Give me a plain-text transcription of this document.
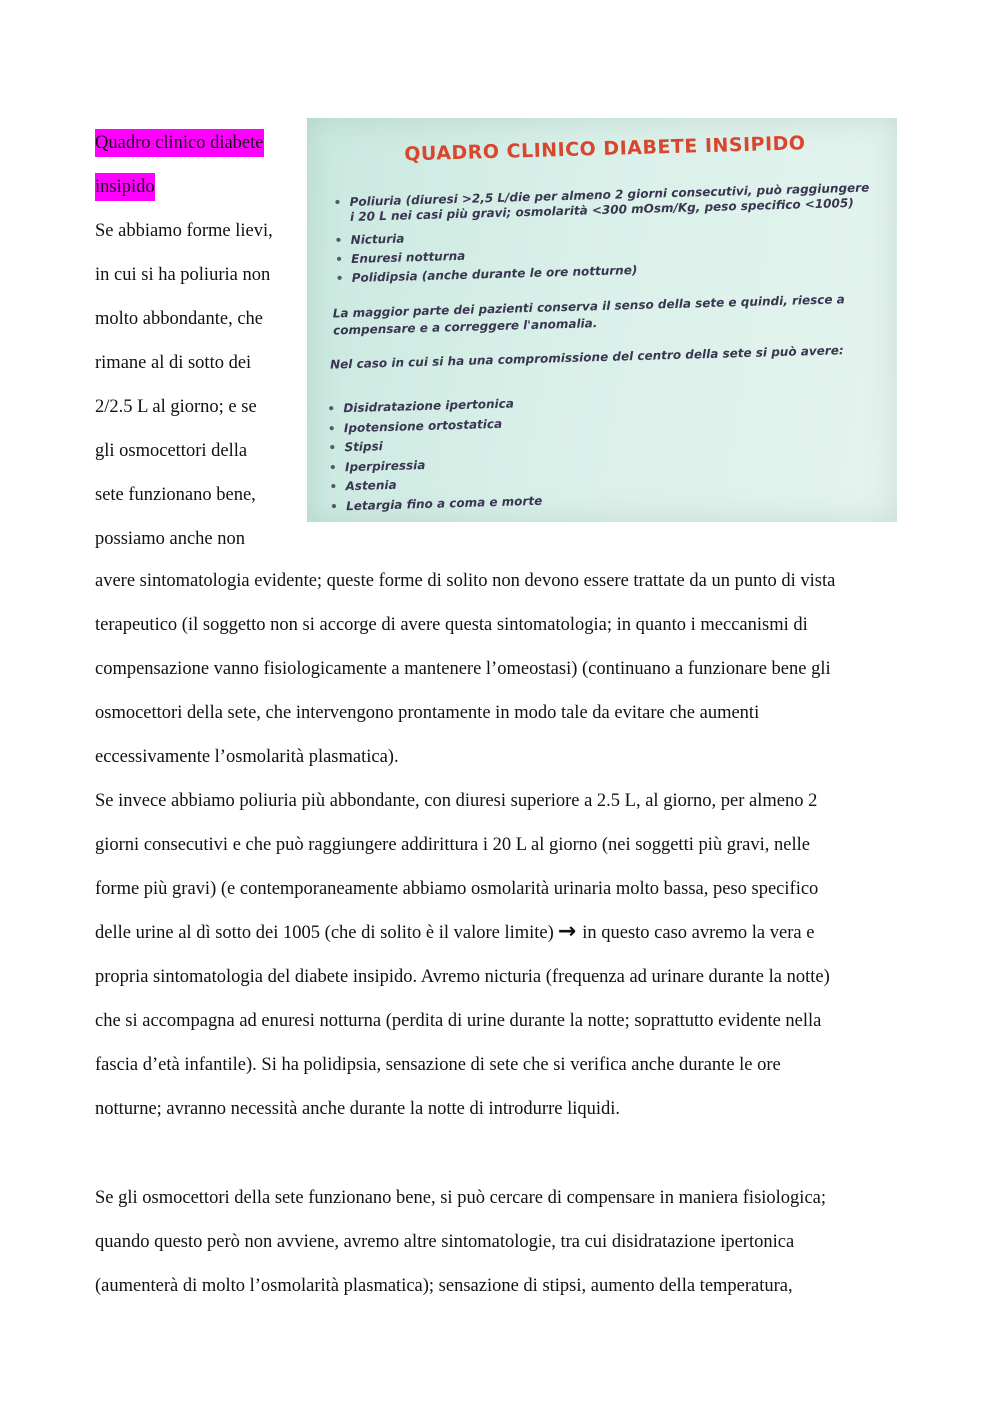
Quadro clinico diabete
insipido
Se abbiamo forme lievi,
in cui si ha poliuria non
molto abbondante, che
rimane al di sotto dei
2/2.5 L al giorno; e se
gli osmocettori della
sete funzionano bene,
possiamo anche non
QUADRO CLINICO DIABETE INSIPIDO
• Poliuria (diuresi >2,5 L/die per almeno 2 giorni consecutivi, può raggiungere i 20 L nei casi più gravi; osmolarità <300 mOsm/Kg, peso specifico <1005)
• Nicturia
• Enuresi notturna
• Polidipsia (anche durante le ore notturne)
La maggior parte dei pazienti conserva il senso della sete e quindi, riesce a compensare e a correggere l'anomalia.
Nel caso in cui si ha una compromissione del centro della sete si può avere:
• Disidratazione ipertonica
• Ipotensione ortostatica
• Stipsi
• Iperpiressia
• Astenia
• Letargia fino a coma e morte

avere sintomatologia evidente; queste forme di solito non devono essere trattate da un punto di vista

terapeutico (il soggetto non si accorge di avere questa sintomatologia; in quanto i meccanismi di

compensazione vanno fisiologicamente a mantenere l’omeostasi) (continuano a funzionare bene gli

osmocettori della sete, che intervengono prontamente in modo tale da evitare che aumenti

eccessivamente l’osmolarità plasmatica).

Se invece abbiamo poliuria più abbondante, con diuresi superiore a 2.5 L, al giorno, per almeno 2

giorni consecutivi e che può raggiungere addirittura i 20 L al giorno (nei soggetti più gravi, nelle

forme più gravi) (e contemporaneamente abbiamo osmolarità urinaria molto bassa, peso specifico

delle urine al dì sotto dei 1005 (che di solito è il valore limite) → in questo caso avremo la vera e

propria sintomatologia del diabete insipido. Avremo nicturia (frequenza ad urinare durante la notte)

che si accompagna ad enuresi notturna (perdita di urine durante la notte; soprattutto evidente nella

fascia d’età infantile). Si ha polidipsia, sensazione di sete che si verifica anche durante le ore

notturne; avranno necessità anche durante la notte di introdurre liquidi.

Se gli osmocettori della sete funzionano bene, si può cercare di compensare in maniera fisiologica;

quando questo però non avviene, avremo altre sintomatologie, tra cui disidratazione ipertonica

(aumenterà di molto l’osmolarità plasmatica); sensazione di stipsi, aumento della temperatura,
